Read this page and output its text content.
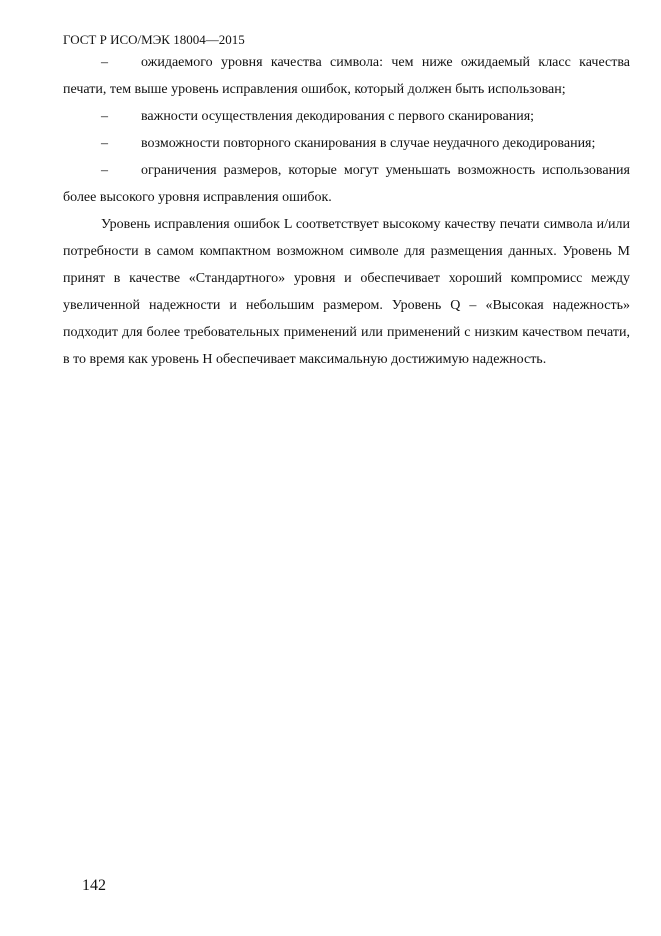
ГОСТ Р ИСО/МЭК 18004—2015

– ожидаемого уровня качества символа: чем ниже ожидаемый класс качества печати, тем выше уровень исправления ошибок, который должен быть использован;

– важности осуществления декодирования с первого сканирования;

– возможности повторного сканирования в случае неудачного декодирования;

– ограничения размеров, которые могут уменьшать возможность использования более высокого уровня исправления ошибок.

Уровень исправления ошибок L соответствует высокому качеству печати символа и/или потребности в самом компактном возможном символе для размещения данных. Уровень M принят в качестве «Стандартного» уровня и обеспечивает хороший компромисс между увеличенной надежности и небольшим размером. Уровень Q – «Высокая надежность» подходит для более требовательных применений или применений с низким качеством печати, в то время как уровень H обеспечивает максимальную достижимую надежность.

142
